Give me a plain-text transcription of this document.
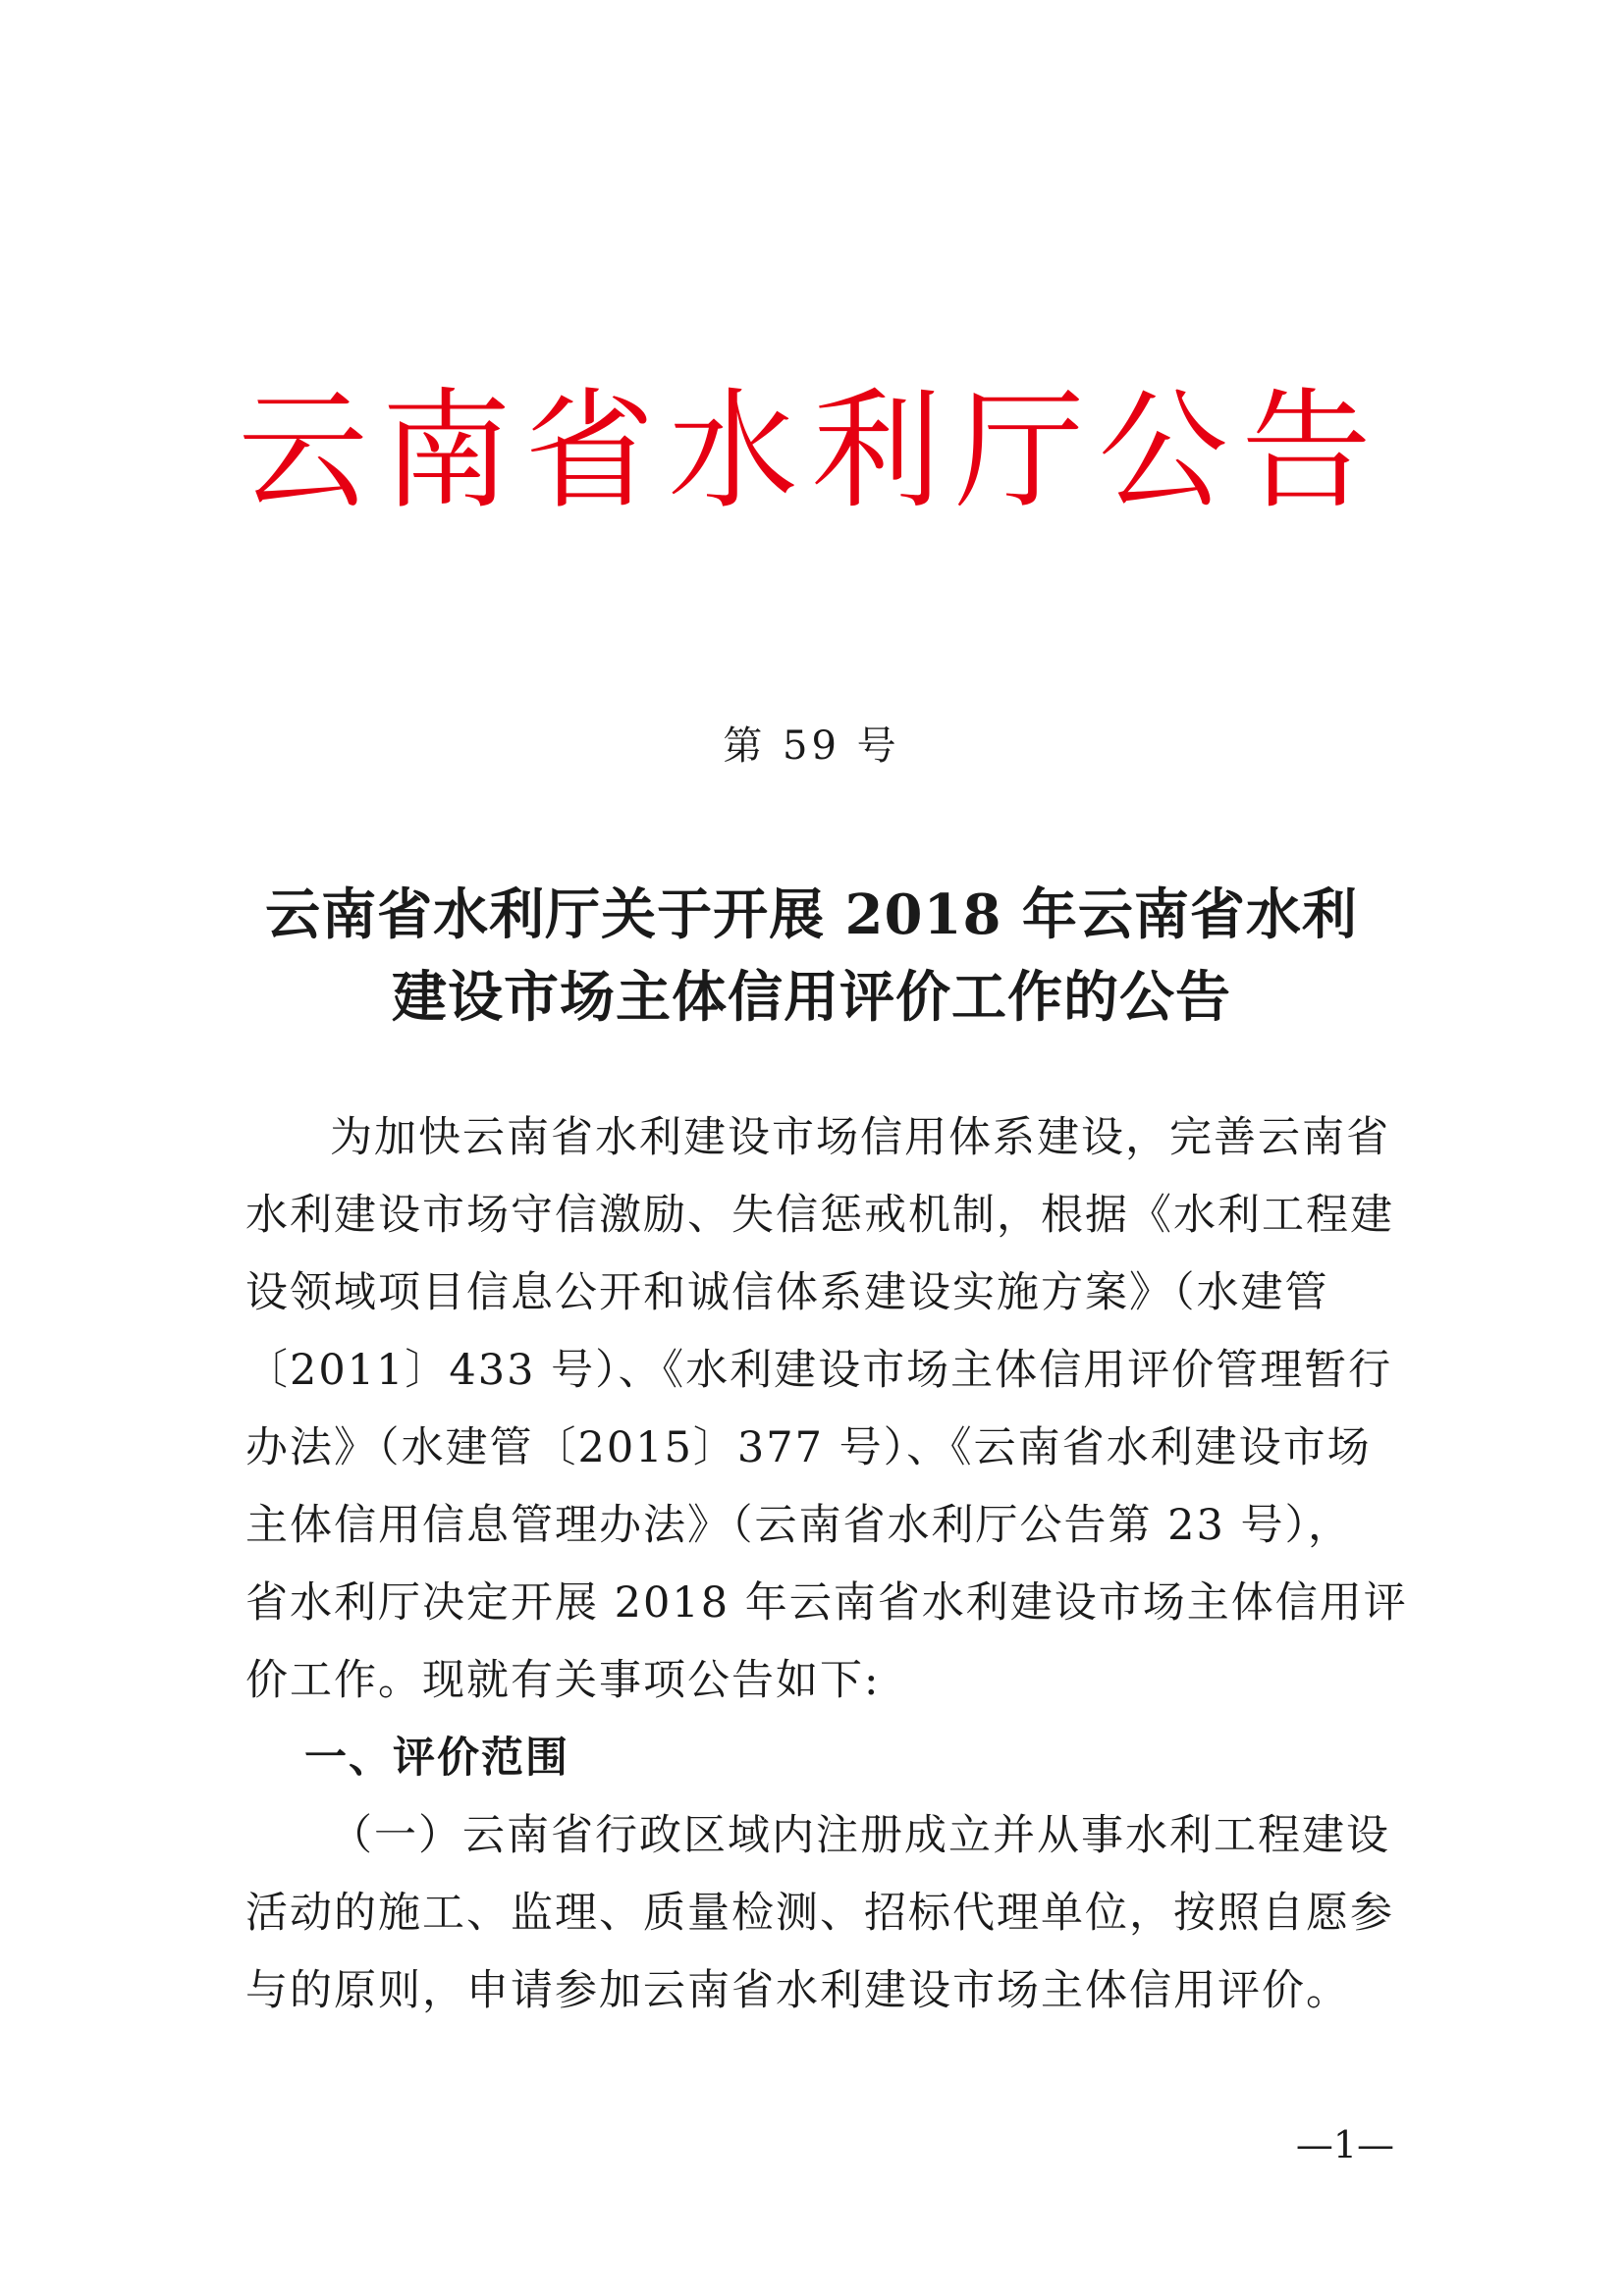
云南省水利厅公告
第 59 号
云南省水利厅关于开展 2018 年云南省水利
建设市场主体信用评价工作的公告
为加快云南省水利建设市场信用体系建设，完善云南省
水利建设市场守信激励、失信惩戒机制，根据《水利工程建
设领域项目信息公开和诚信体系建设实施方案》（水建管
〔2011〕433 号）、《水利建设市场主体信用评价管理暂行
办法》（水建管〔2015〕377 号）、《云南省水利建设市场
主体信用信息管理办法》（云南省水利厅公告第 23 号），
省水利厅决定开展 2018 年云南省水利建设市场主体信用评
价工作。现就有关事项公告如下:
一、评价范围
（一）云南省行政区域内注册成立并从事水利工程建设
活动的施工、监理、质量检测、招标代理单位，按照自愿参
与的原则，申请参加云南省水利建设市场主体信用评价。
—1—
